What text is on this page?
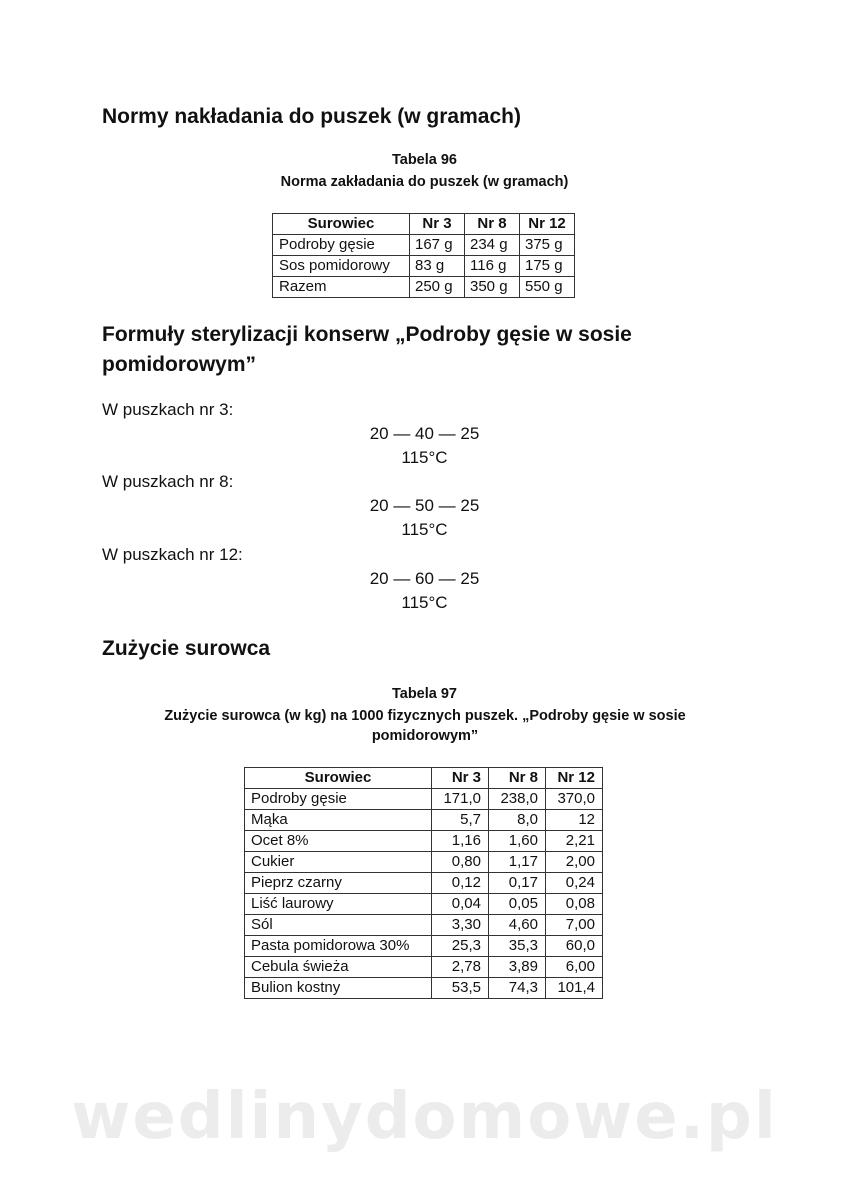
Normy nakładania do puszek (w gramach)
Tabela 96
Norma zakładania do puszek (w gramach)
Surowiec	Nr 3	Nr 8	Nr 12
Podroby gęsie	167 g	234 g	375 g
Sos pomidorowy	83 g	116 g	175 g
Razem	250 g	350 g	550 g
Formuły sterylizacji konserw „Podroby gęsie w sosie
pomidorowym”
W puszkach nr 3:
20 — 40 — 25
115°C
W puszkach nr 8:
20 — 50 — 25
115°C
W puszkach nr 12:
20 — 60 — 25
115°C
Zużycie surowca
Tabela 97
Zużycie surowca (w kg) na 1000 fizycznych puszek. „Podroby gęsie w sosie
pomidorowym”
Surowiec	Nr 3	Nr 8	Nr 12
Podroby gęsie	171,0	238,0	370,0
Mąka	5,7	8,0	12
Ocet 8%	1,16	1,60	2,21
Cukier	0,80	1,17	2,00
Pieprz czarny	0,12	0,17	0,24
Liść laurowy	0,04	0,05	0,08
Sól	3,30	4,60	7,00
Pasta pomidorowa 30%	25,3	35,3	60,0
Cebula świeża	2,78	3,89	6,00
Bulion kostny	53,5	74,3	101,4
wedlinydomowe.pl
